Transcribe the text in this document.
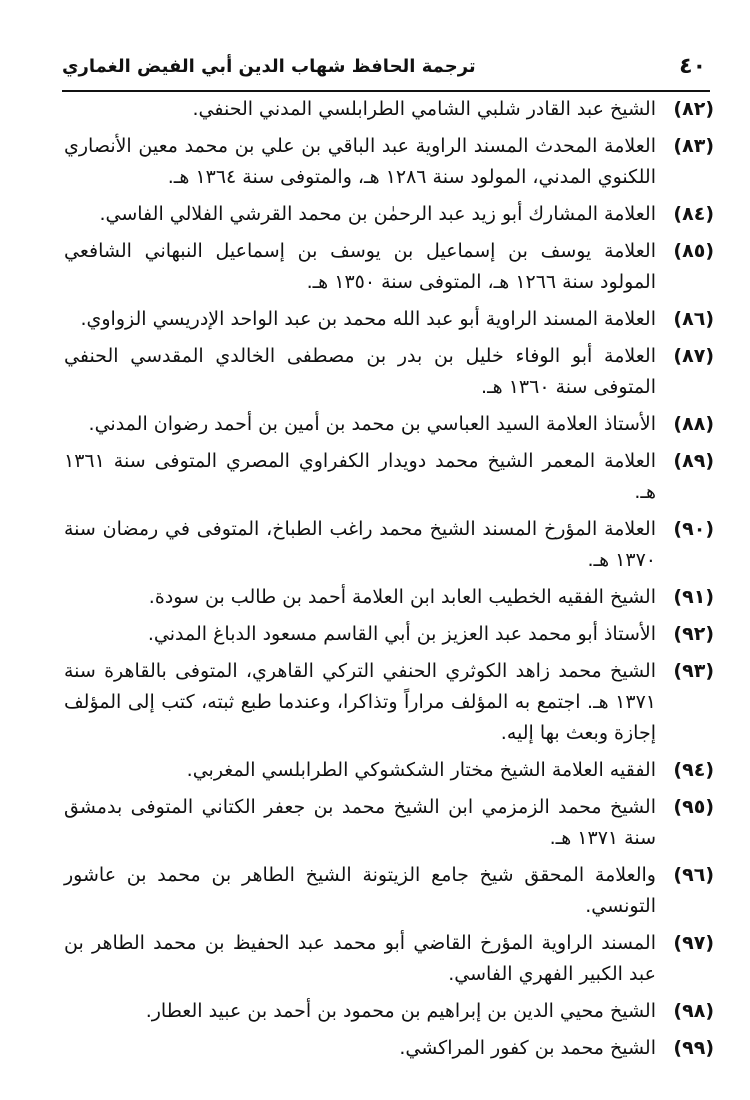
٤٠
ترجمة الحافظ شهاب الدين أبي الفيض الغماري
(٨٢)
الشيخ عبد القادر شلبي الشامي الطرابلسي المدني الحنفي.
(٨٣)
العلامة المحدث المسند الراوية عبد الباقي بن علي بن محمد معين الأنصاري اللكنوي المدني، المولود سنة ١٢٨٦ هـ، والمتوفى سنة ١٣٦٤ هـ.
(٨٤)
العلامة المشارك أبو زيد عبد الرحمٰن بن محمد القرشي الفلالي الفاسي.
(٨٥)
العلامة يوسف بن إسماعيل بن يوسف بن إسماعيل النبهاني الشافعي المولود سنة ١٢٦٦ هـ، المتوفى سنة ١٣٥٠ هـ.
(٨٦)
العلامة المسند الراوية أبو عبد الله محمد بن عبد الواحد الإدريسي الزواوي.
(٨٧)
العلامة أبو الوفاء خليل بن بدر بن مصطفى الخالدي المقدسي الحنفي المتوفى سنة ١٣٦٠ هـ.
(٨٨)
الأستاذ العلامة السيد العباسي بن محمد بن أمين بن أحمد رضوان المدني.
(٨٩)
العلامة المعمر الشيخ محمد دويدار الكفراوي المصري المتوفى سنة ١٣٦١ هـ.
(٩٠)
العلامة المؤرخ المسند الشيخ محمد راغب الطباخ، المتوفى في رمضان سنة ١٣٧٠ هـ.
(٩١)
الشيخ الفقيه الخطيب العابد ابن العلامة أحمد بن طالب بن سودة.
(٩٢)
الأستاذ أبو محمد عبد العزيز بن أبي القاسم مسعود الدباغ المدني.
(٩٣)
الشيخ محمد زاهد الكوثري الحنفي التركي القاهري، المتوفى بالقاهرة سنة ١٣٧١ هـ. اجتمع به المؤلف مراراً وتذاكرا، وعندما طبع ثبته، كتب إلى المؤلف إجازة وبعث بها إليه.
(٩٤)
الفقيه العلامة الشيخ مختار الشكشوكي الطرابلسي المغربي.
(٩٥)
الشيخ محمد الزمزمي ابن الشيخ محمد بن جعفر الكتاني المتوفى بدمشق سنة ١٣٧١ هـ.
(٩٦)
والعلامة المحقق شيخ جامع الزيتونة الشيخ الطاهر بن محمد بن عاشور التونسي.
(٩٧)
المسند الراوية المؤرخ القاضي أبو محمد عبد الحفيظ بن محمد الطاهر بن عبد الكبير الفهري الفاسي.
(٩٨)
الشيخ محيي الدين بن إبراهيم بن محمود بن أحمد بن عبيد العطار.
(٩٩)
الشيخ محمد بن كفور المراكشي.
